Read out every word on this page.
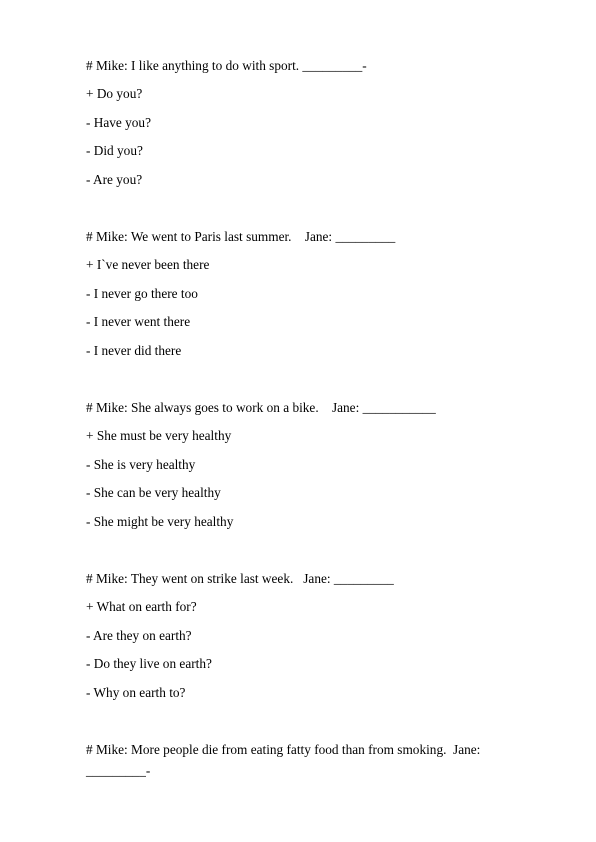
# Mike: I like anything to do with sport. _________-
+ Do you?
- Have you?
- Did you?
- Are you?
# Mike: We went to Paris last summer.    Jane: _________
+ I`ve never been there
- I never go there too
- I never went there
- I never did there
# Mike: She always goes to work on a bike.    Jane: ___________
+ She must be very healthy
- She is very healthy
- She can be very healthy
- She might be very healthy
# Mike: They went on strike last week.   Jane: _________
+ What on earth for?
- Are they on earth?
- Do they live on earth?
- Why on earth to?
# Mike: More people die from eating fatty food than from smoking.  Jane:
_________-
